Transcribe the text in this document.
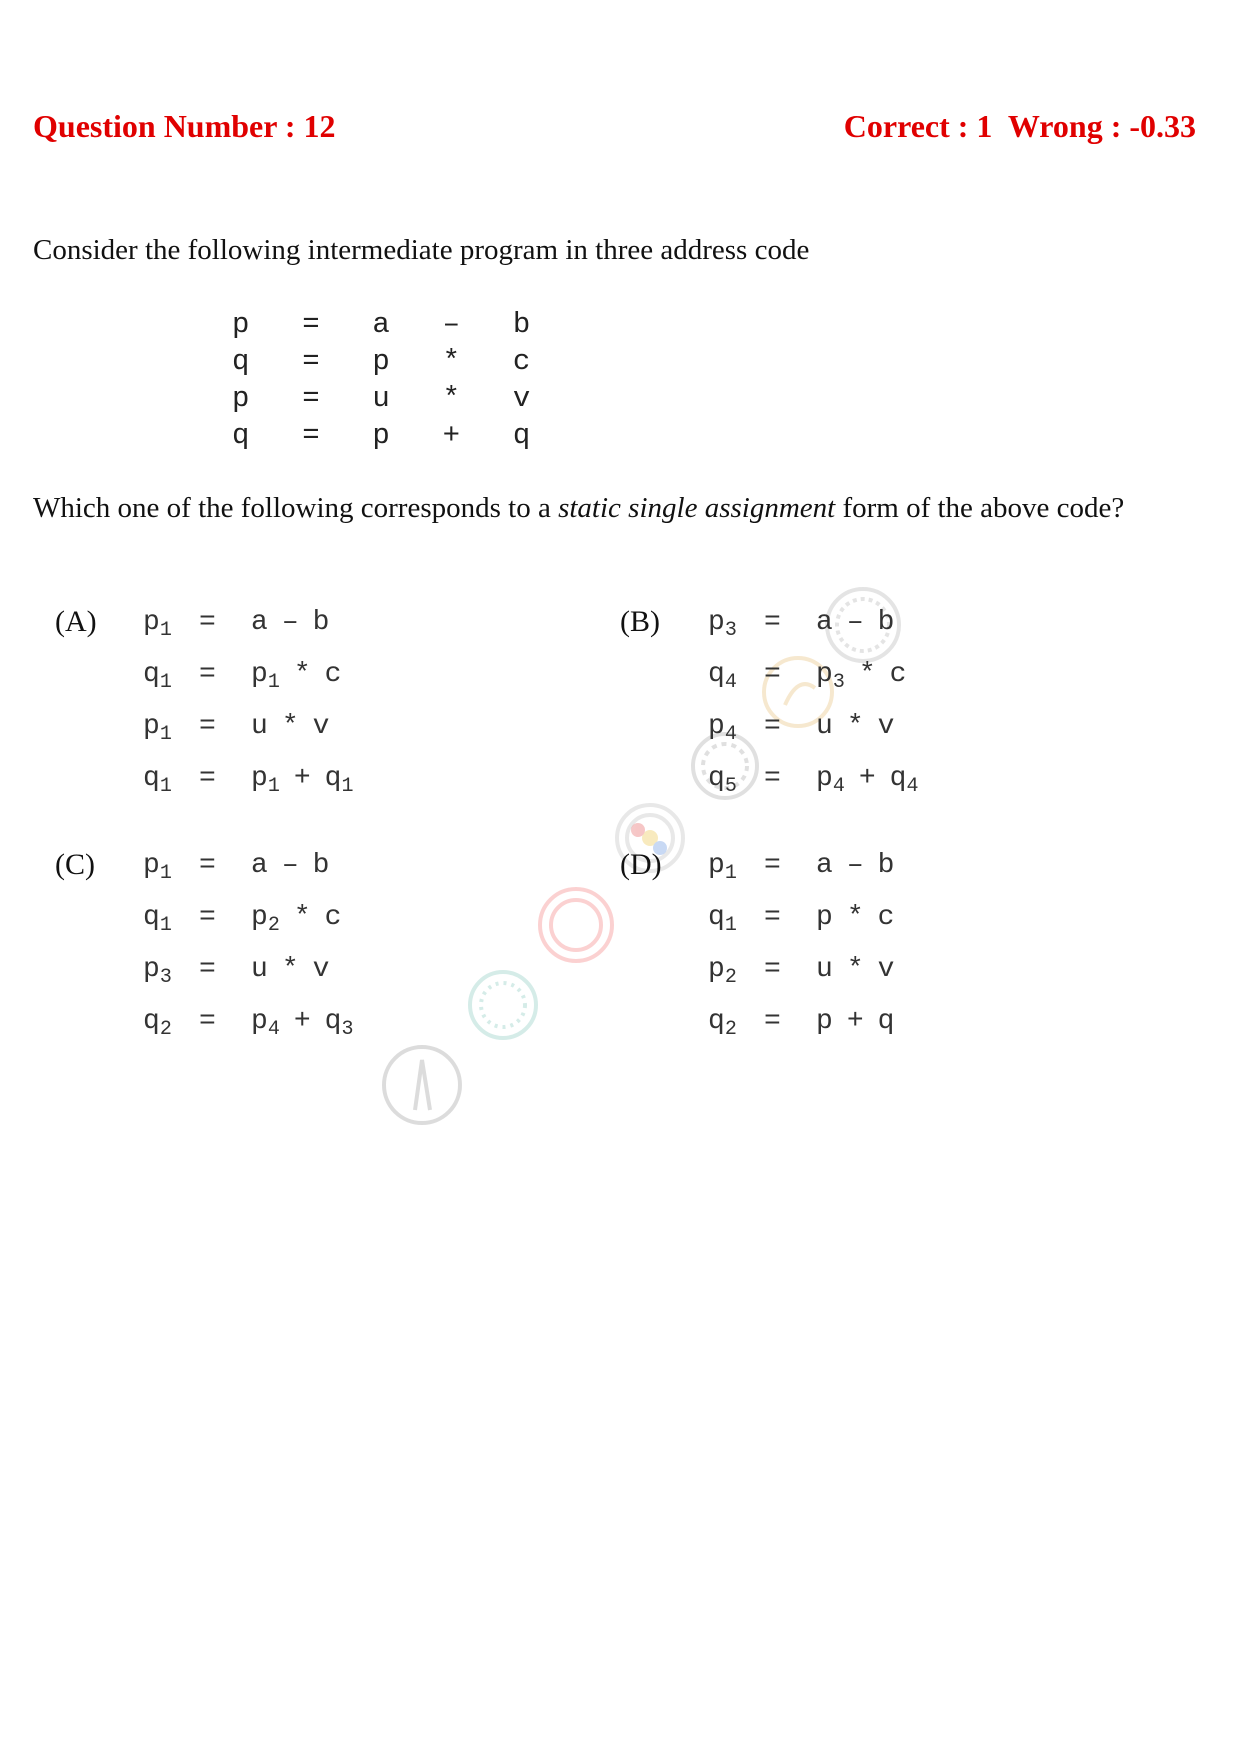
Question Number : 12	Correct : 1  Wrong : -0.33
Consider the following intermediate program in three address code
p  =  a  –  b
q  =  p  *  c
p  =  u  *  v
q  =  p  +  q
Which one of the following corresponds to a static single assignment form of the above code?
(A) $p_1 = a - b$
$q_1 = p_1 * c$
$p_1 = u * v$
$q_1 = p_1 + q_1$
(B) $p_3 = a - b$
$q_4 = p_3 * c$
$p_4 = u * v$
$q_5 = p_4 + q_4$
(C) $p_1 = a - b$
$q_1 = p_2 * c$
$p_3 = u * v$
$q_2 = p_4 + q_3$
(D) $p_1 = a - b$
$q_1 = p * c$
$p_2 = u * v$
$q_2 = p + q$
